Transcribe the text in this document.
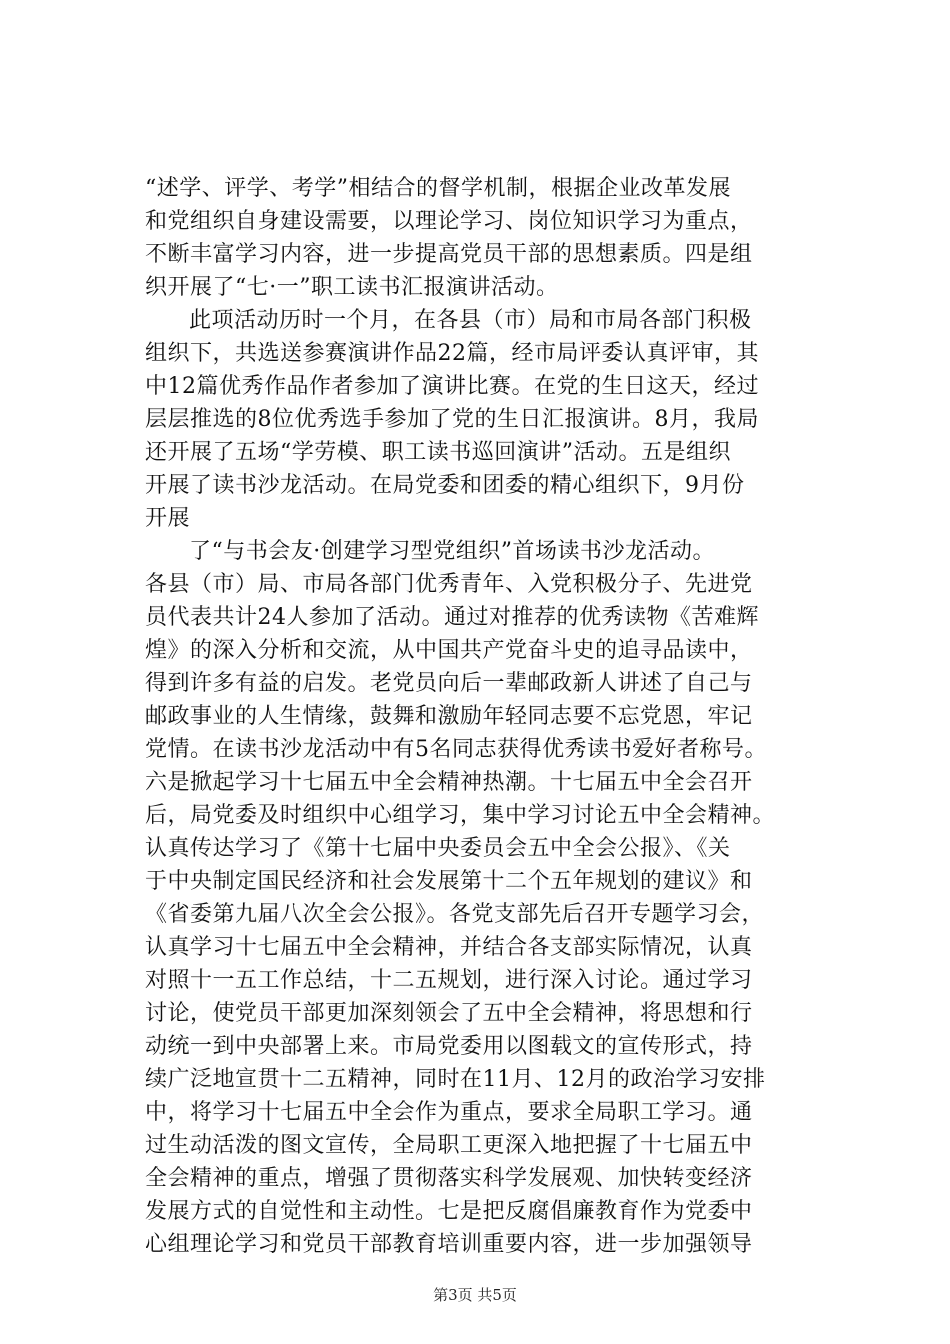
“述学、评学、考学”相结合的督学机制，根据企业改革发展
和党组织自身建设需要，以理论学习、岗位知识学习为重点，
不断丰富学习内容，进一步提高党员干部的思想素质。四是组
织开展了“七·一”职工读书汇报演讲活动。
此项活动历时一个月，在各县（市）局和市局各部门积极
组织下，共选送参赛演讲作品22篇，经市局评委认真评审，其
中12篇优秀作品作者参加了演讲比赛。在党的生日这天，经过
层层推选的8位优秀选手参加了党的生日汇报演讲。8月，我局
还开展了五场“学劳模、职工读书巡回演讲”活动。五是组织
开展了读书沙龙活动。在局党委和团委的精心组织下，9月份
开展
了“与书会友·创建学习型党组织”首场读书沙龙活动。
各县（市）局、市局各部门优秀青年、入党积极分子、先进党
员代表共计24人参加了活动。通过对推荐的优秀读物《苦难辉
煌》的深入分析和交流，从中国共产党奋斗史的追寻品读中，
得到许多有益的启发。老党员向后一辈邮政新人讲述了自己与
邮政事业的人生情缘，鼓舞和激励年轻同志要不忘党恩，牢记
党情。在读书沙龙活动中有5名同志获得优秀读书爱好者称号。
六是掀起学习十七届五中全会精神热潮。十七届五中全会召开
后，局党委及时组织中心组学习，集中学习讨论五中全会精神。
认真传达学习了《第十七届中央委员会五中全会公报》、《关
于中央制定国民经济和社会发展第十二个五年规划的建议》和
《省委第九届八次全会公报》。各党支部先后召开专题学习会，
认真学习十七届五中全会精神，并结合各支部实际情况，认真
对照十一五工作总结，十二五规划，进行深入讨论。通过学习
讨论，使党员干部更加深刻领会了五中全会精神，将思想和行
动统一到中央部署上来。市局党委用以图载文的宣传形式，持
续广泛地宣贯十二五精神，同时在11月、12月的政治学习安排
中，将学习十七届五中全会作为重点，要求全局职工学习。通
过生动活泼的图文宣传，全局职工更深入地把握了十七届五中
全会精神的重点，增强了贯彻落实科学发展观、加快转变经济
发展方式的自觉性和主动性。七是把反腐倡廉教育作为党委中
心组理论学习和党员干部教育培训重要内容，进一步加强领导
第3页 共5页
